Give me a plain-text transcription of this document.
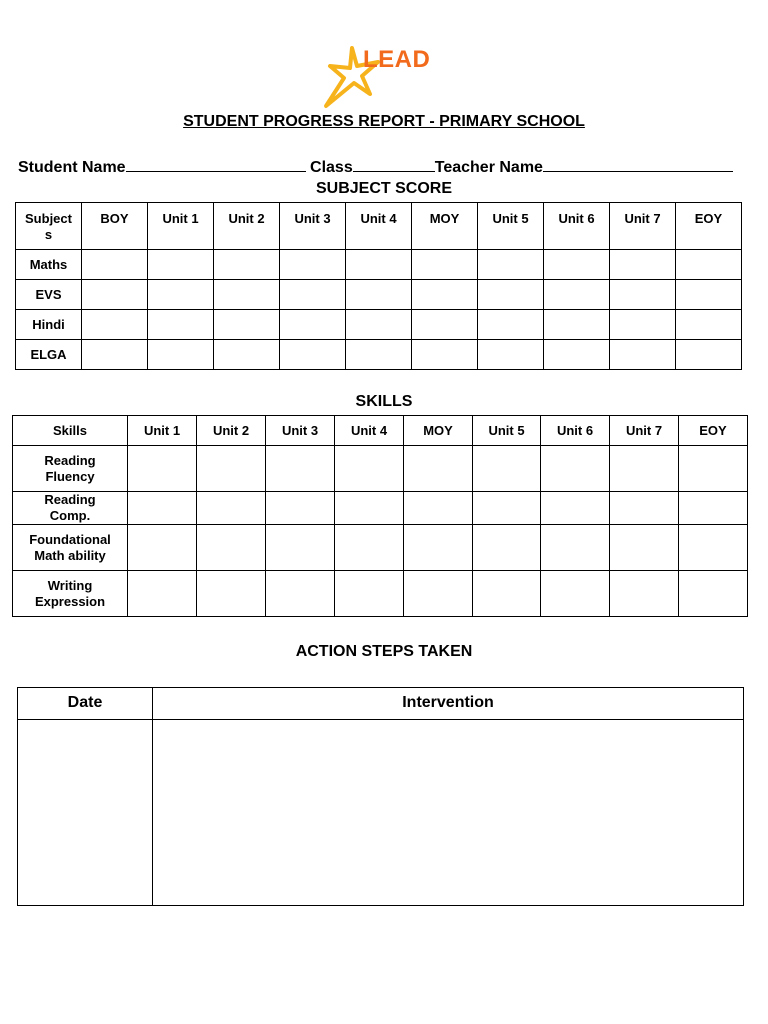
LEAD
STUDENT PROGRESS REPORT - PRIMARY SCHOOL
Student Name	Class	Teacher Name
SUBJECT SCORE
Subject s	BOY	Unit 1	Unit 2	Unit 3	Unit 4	MOY	Unit 5	Unit 6	Unit 7	EOY
Maths										
EVS										
Hindi										
ELGA										
SKILLS
Skills	Unit 1	Unit 2	Unit 3	Unit 4	MOY	Unit 5	Unit 6	Unit 7	EOY
Reading Fluency									
Reading Comp.									
Foundational Math ability									
Writing Expression									
ACTION STEPS TAKEN
Date	Intervention
